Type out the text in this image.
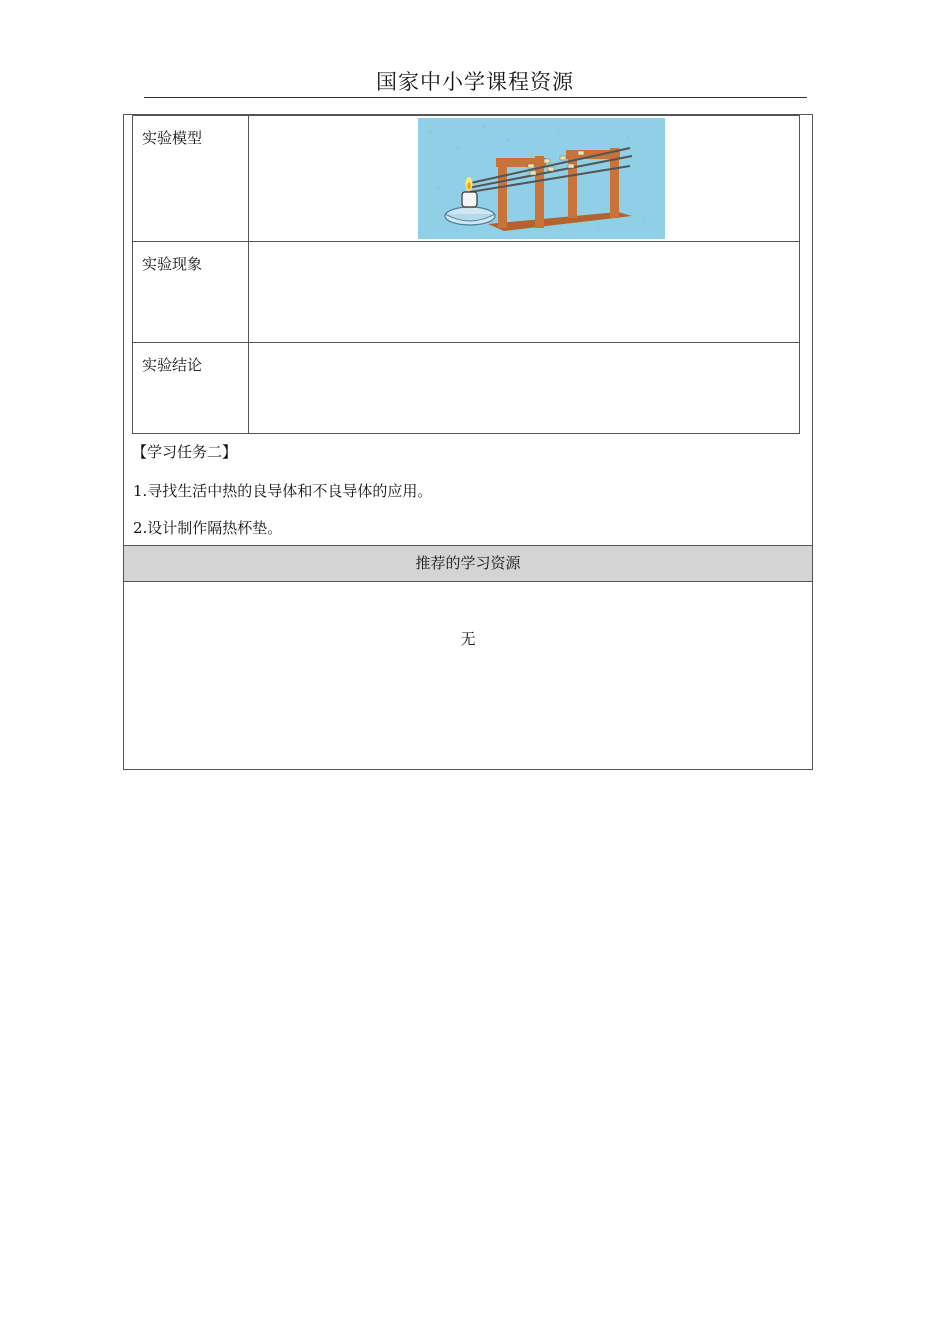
国家中小学课程资源
实验模型	
实验现象	
实验结论	
【学习任务二】
1.寻找生活中热的良导体和不良导体的应用。
2.设计制作隔热杯垫。
推荐的学习资源
无
